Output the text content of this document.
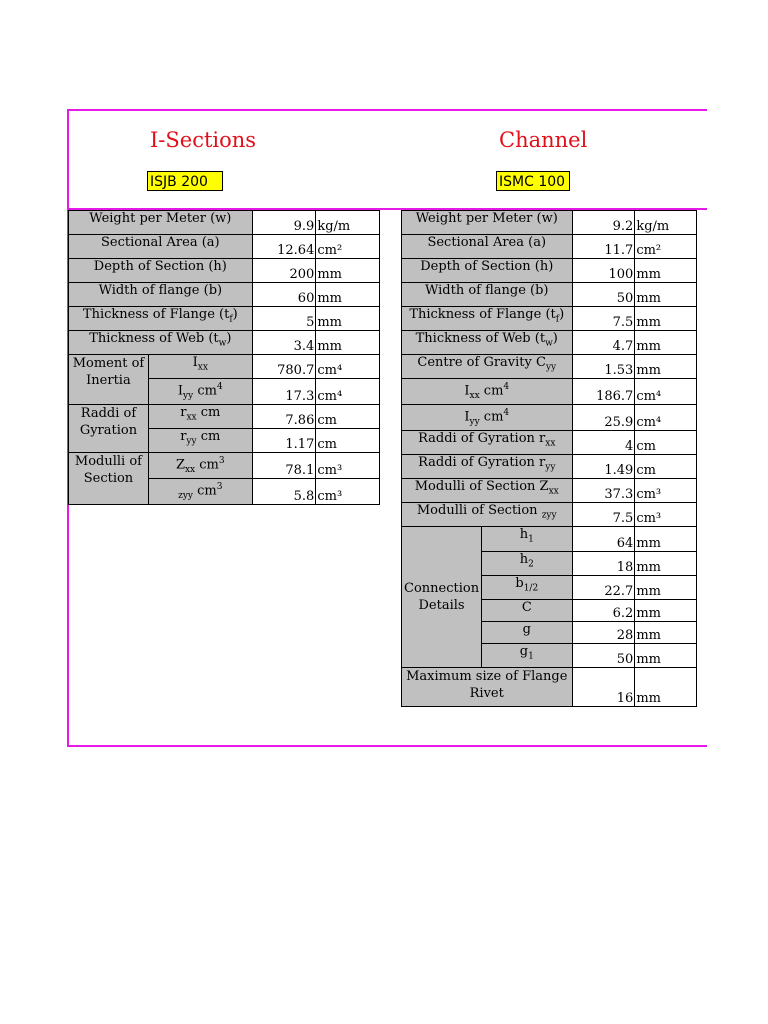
I-Sections	Channel
ISJB 200	ISMC 100
Weight per Meter (w)		9.9	kg/m
Sectional Area (a)		12.64	cm²
Depth of Section (h)		200	mm
Width of flange (b)		60	mm
Thickness of Flange $(t_f)$		5	mm
Thickness of Web $(t_w)$		3.4	mm
Moment of Inertia	$I_{xx}$	780.7	cm⁴
	$I_{yy}$ $cm^4$	17.3	cm⁴
Raddi of Gyration	$r_{xx}$ cm	7.86	cm
	$r_{yy}$ cm	1.17	cm
Modulli of Section	$Z_{xx}$ $cm^3$	78.1	cm³
	$_{zyy}$ $cm^3$	5.8	cm³
Weight per Meter (w)		9.2	kg/m
Sectional Area (a)		11.7	cm²
Depth of Section (h)		100	mm
Width of flange (b)		50	mm
Thickness of Flange $(t_f)$		7.5	mm
Thickness of Web $(t_w)$		4.7	mm
Centre of Gravity $C_{yy}$		1.53	mm
$I_{xx}$ $cm^4$		186.7	cm⁴
$I_{yy}$ $cm^4$		25.9	cm⁴
Raddi of Gyration $r_{xx}$		4	cm
Raddi of Gyration $r_{yy}$		1.49	cm
Modulli of Section $Z_{xx}$		37.3	cm³
Modulli of Section $_{zyy}$		7.5	cm³
Connection Details	$h_1$	64	mm
	$h_2$	18	mm
	$b_{1/2}$	22.7	mm
	C	6.2	mm
	g	28	mm
	$g_1$	50	mm
Maximum size of Flange Rivet		16	mm
